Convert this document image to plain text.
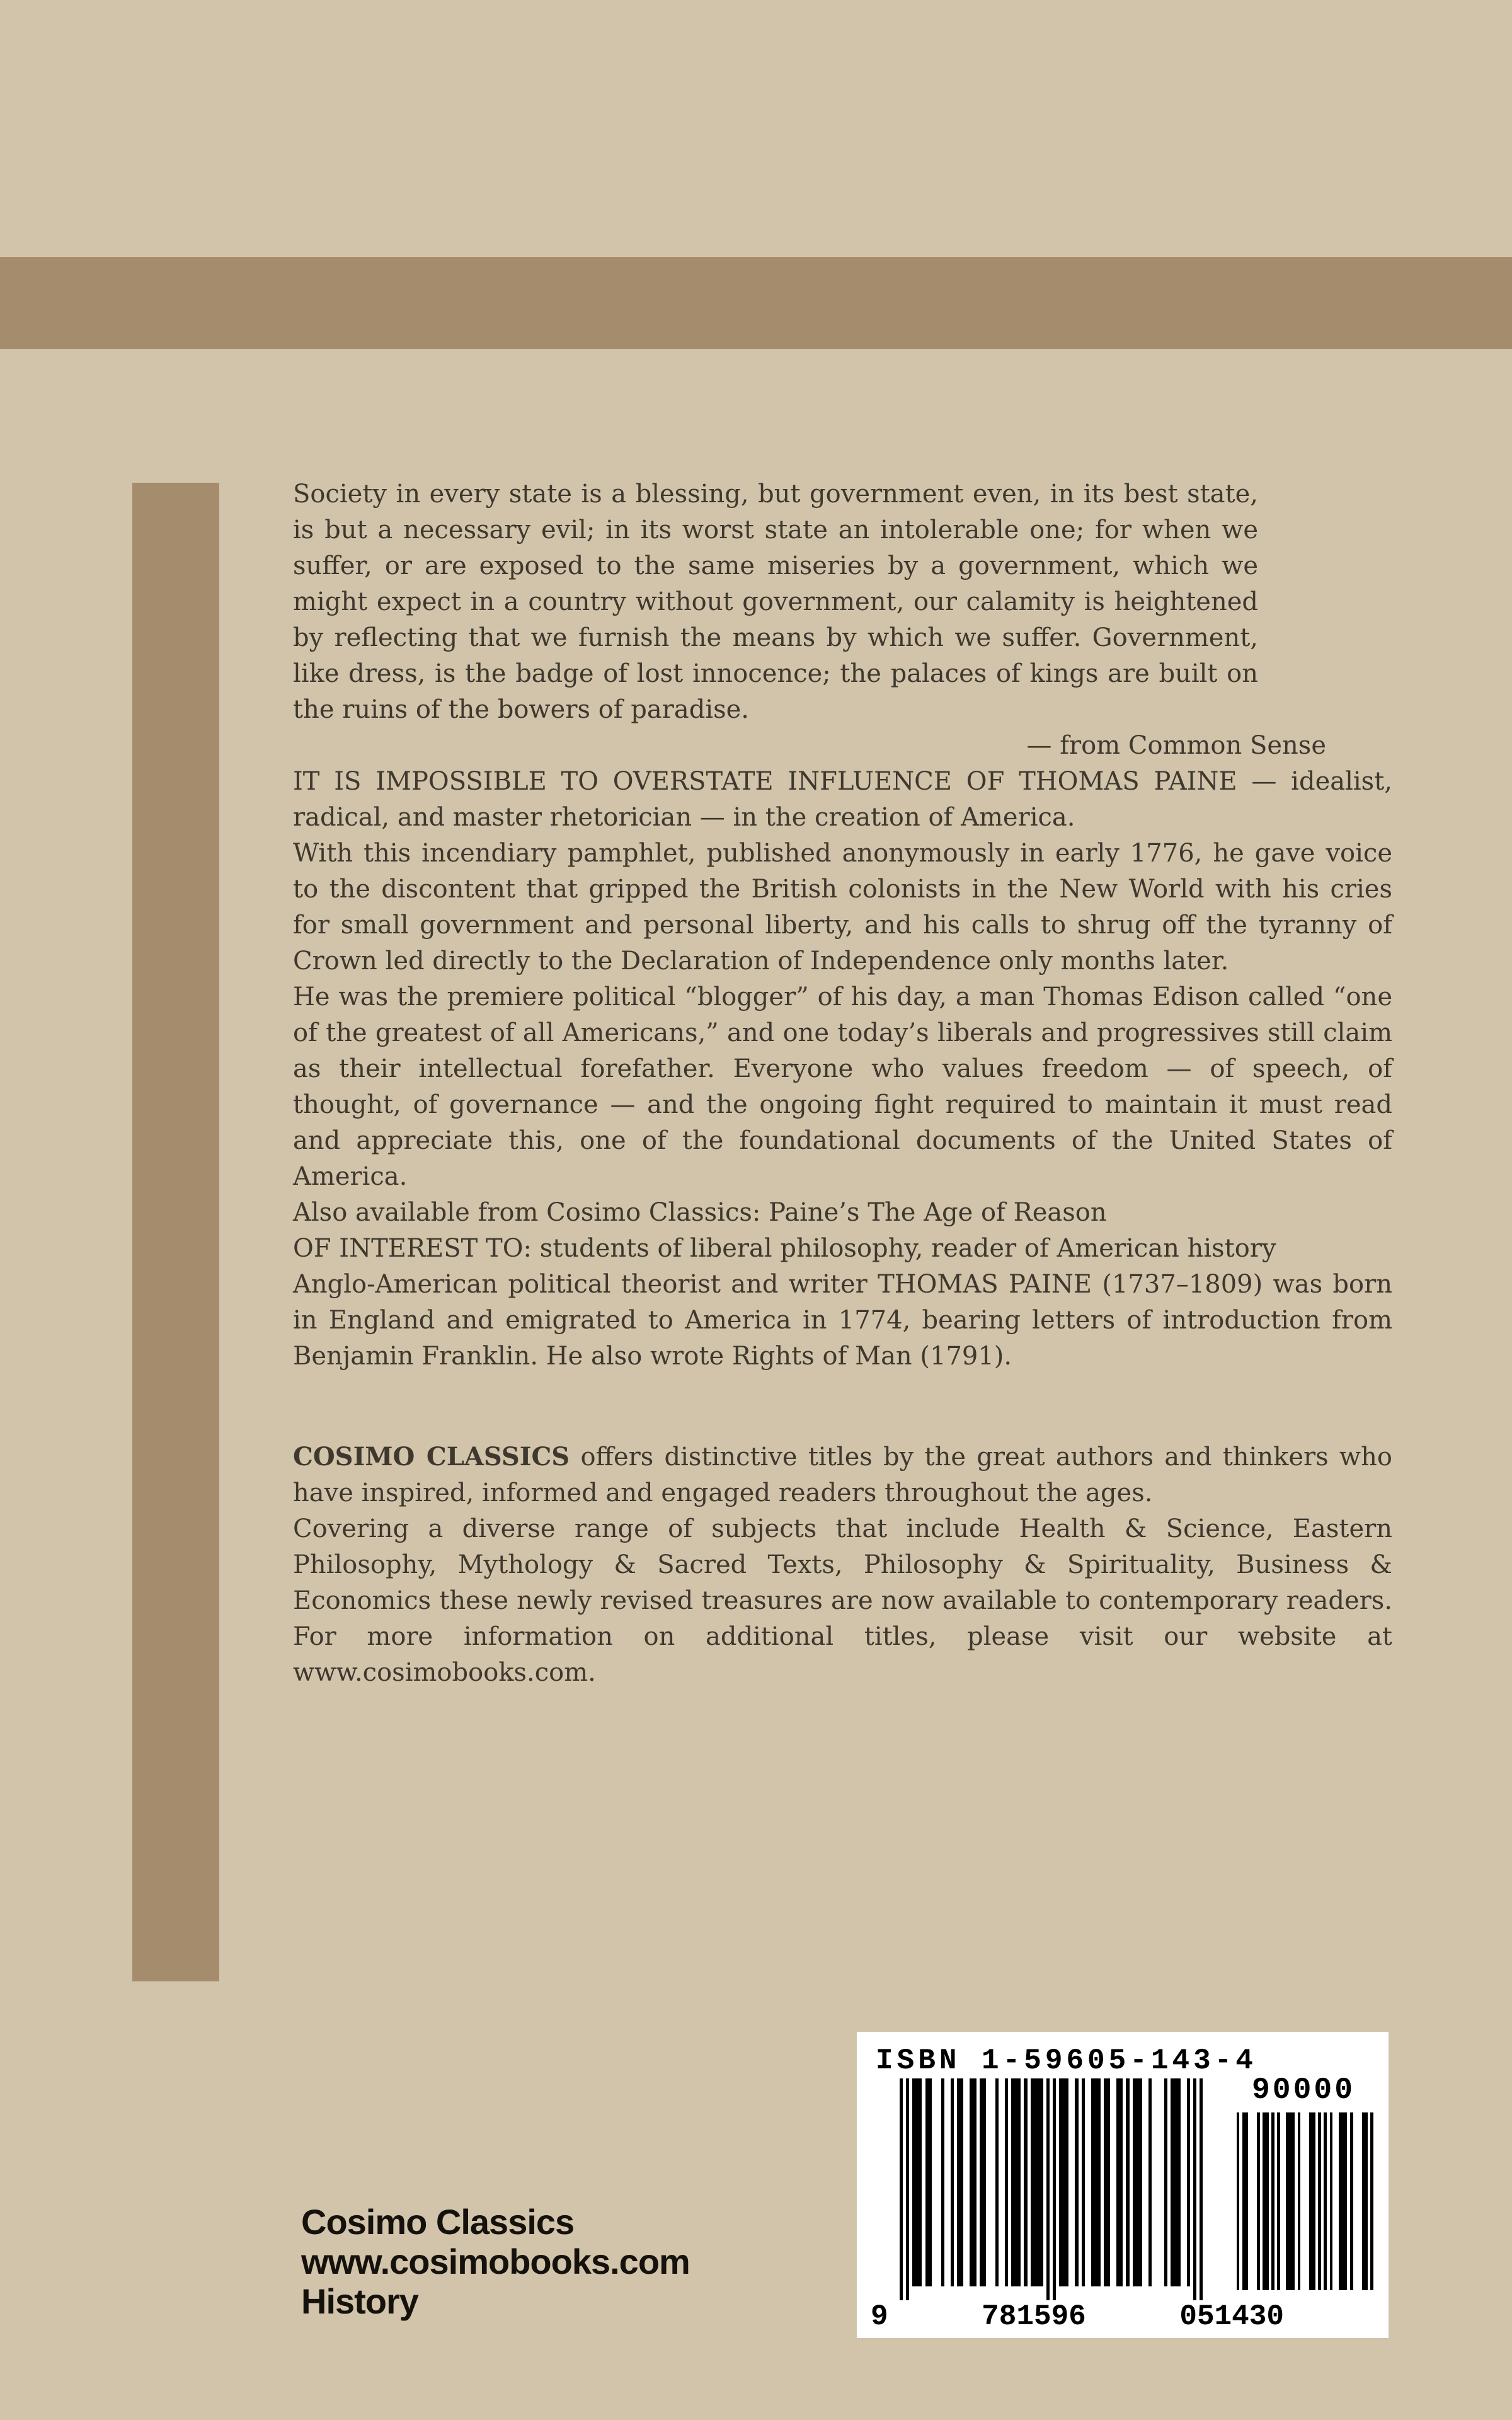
Society in every state is a blessing, but government even, in its best state, is but a necessary evil; in its worst state an intolerable one; for when we suffer, or are exposed to the same miseries by a government, which we might expect in a country without government, our calamity is heightened by reflecting that we furnish the means by which we suffer. Government, like dress, is the badge of lost innocence; the palaces of kings are built on the ruins of the bowers of paradise.

— from Common Sense

IT IS IMPOSSIBLE TO OVERSTATE INFLUENCE OF THOMAS PAINE — idealist, radical, and master rhetorician — in the creation of America.

With this incendiary pamphlet, published anonymously in early 1776, he gave voice to the discontent that gripped the British colonists in the New World with his cries for small government and personal liberty, and his calls to shrug off the tyranny of Crown led directly to the Declaration of Independence only months later.

He was the premiere political “blogger” of his day, a man Thomas Edison called “one of the greatest of all Americans,” and one today’s liberals and progressives still claim as their intellectual forefather. Everyone who values freedom — of speech, of thought, of governance — and the ongoing fight required to maintain it must read and appreciate this, one of the foundational documents of the United States of America.

Also available from Cosimo Classics: Paine’s The Age of Reason

OF INTEREST TO: students of liberal philosophy, reader of American history

Anglo-American political theorist and writer THOMAS PAINE (1737–1809) was born in England and emigrated to America in 1774, bearing letters of introduction from Benjamin Franklin. He also wrote Rights of Man (1791).

COSIMO CLASSICS offers distinctive titles by the great authors and thinkers who have inspired, informed and engaged readers throughout the ages.

Covering a diverse range of subjects that include Health & Science, Eastern Philosophy, Mythology & Sacred Texts, Philosophy & Spirituality, Business & Economics these newly revised treasures are now available to contemporary readers. For more information on additional titles, please visit our website at www.cosimobooks.com.

Cosimo Classics
www.cosimobooks.com
History
ISBN 1-59605-143-4
90000
9	781596	051430
